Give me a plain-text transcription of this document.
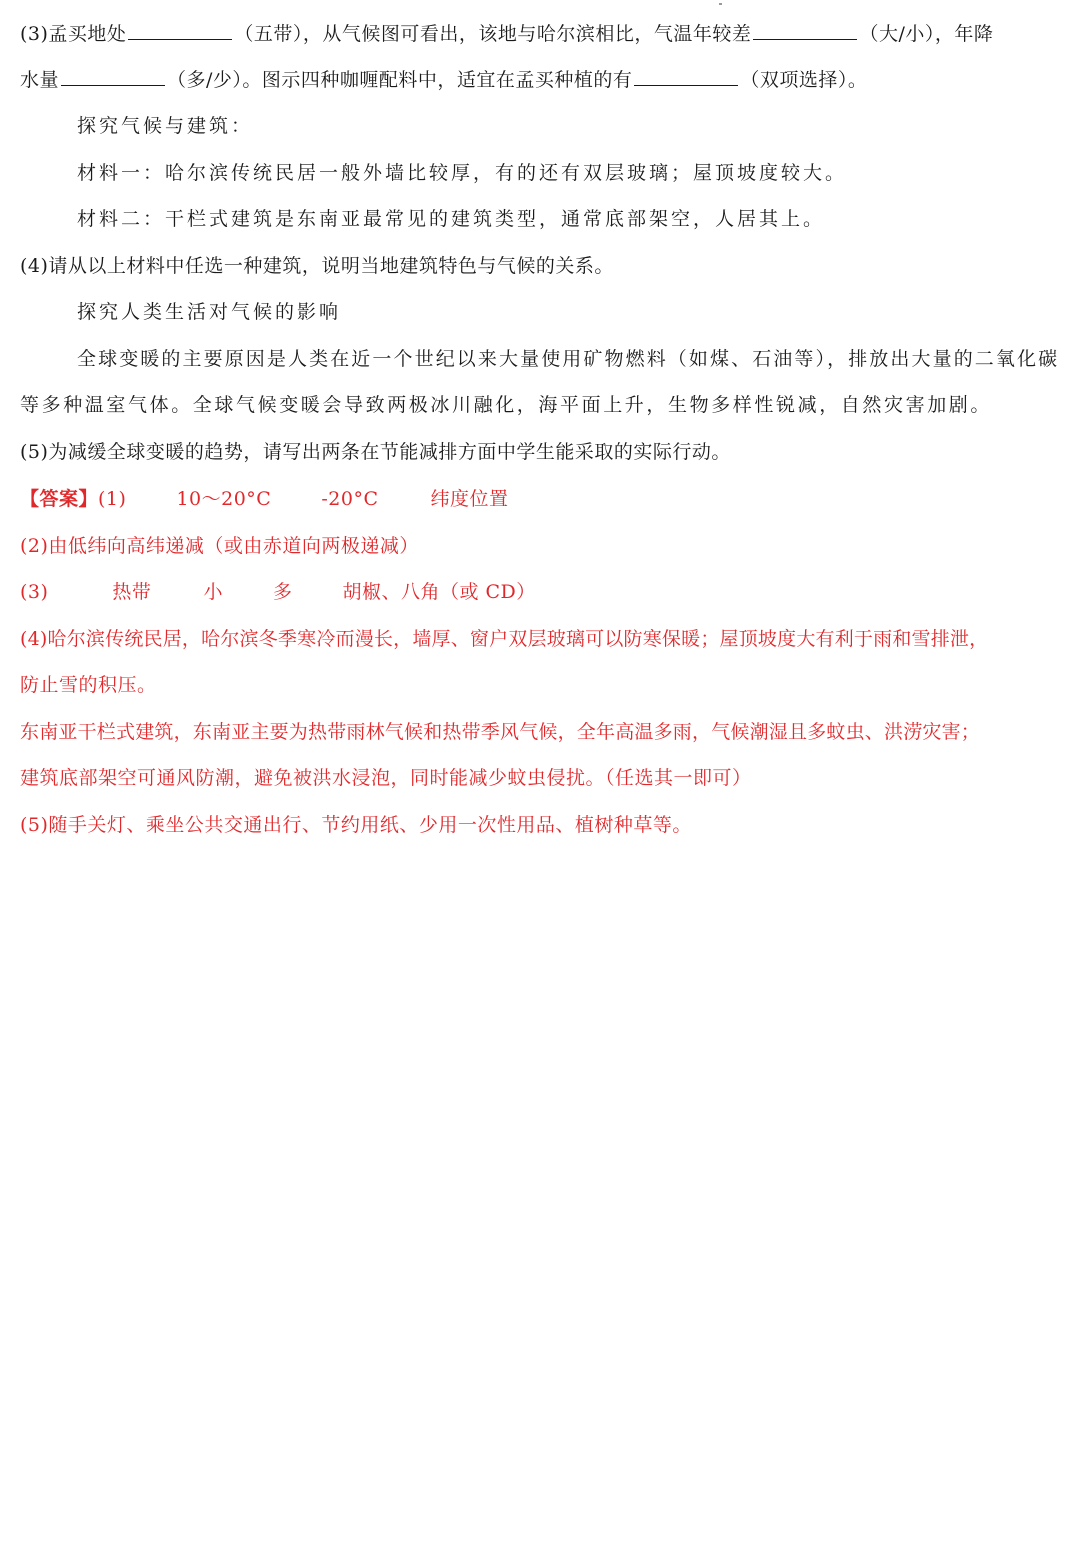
(3)孟买地处	（五带），从气候图可看出，该地与哈尔滨相比，气温年较差	（大/小），年降
水量	（多/少）。图示四种咖喱配料中，适宜在孟买种植的有	（双项选择）。
探究气候与建筑：
材料一：哈尔滨传统民居一般外墙比较厚，有的还有双层玻璃；屋顶坡度较大。
材料二：干栏式建筑是东南亚最常见的建筑类型，通常底部架空，人居其上。
(4)请从以上材料中任选一种建筑，说明当地建筑特色与气候的关系。
探究人类生活对气候的影响
全球变暖的主要原因是人类在近一个世纪以来大量使用矿物燃料（如煤、石油等），排放出大量的二氧化碳
等多种温室气体。全球气候变暖会导致两极冰川融化，海平面上升，生物多样性锐减，自然灾害加剧。
(5)为减缓全球变暖的趋势，请写出两条在节能减排方面中学生能采取的实际行动。
【答案】(1)	10～20°C	-20°C	纬度位置
(2)由低纬向高纬递减（或由赤道向两极递减）
(3)	热带	小	多	胡椒、八角（或 CD）
(4)哈尔滨传统民居，哈尔滨冬季寒冷而漫长，墙厚、窗户双层玻璃可以防寒保暖；屋顶坡度大有利于雨和雪排泄，
防止雪的积压。
东南亚干栏式建筑，东南亚主要为热带雨林气候和热带季风气候，全年高温多雨，气候潮湿且多蚊虫、洪涝灾害；
建筑底部架空可通风防潮，避免被洪水浸泡，同时能减少蚊虫侵扰。（任选其一即可）
(5)随手关灯、乘坐公共交通出行、节约用纸、少用一次性用品、植树种草等。
